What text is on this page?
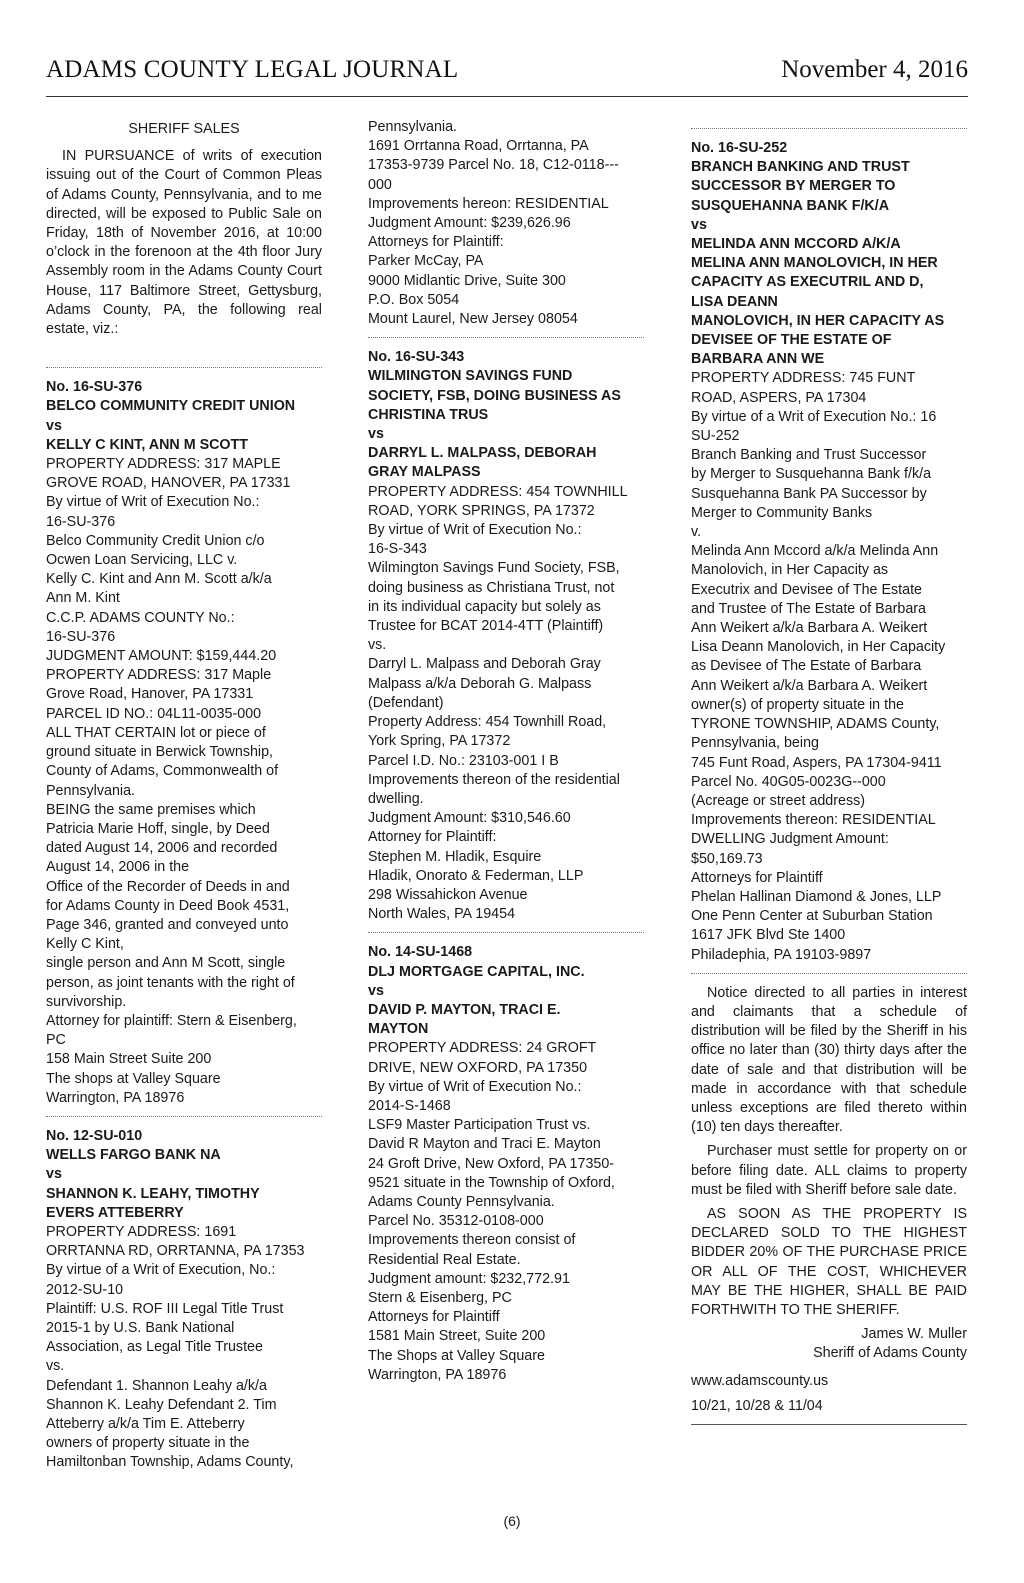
ADAMS COUNTY LEGAL JOURNAL	November 4, 2016
SHERIFF SALES
IN PURSUANCE of writs of execution issuing out of the Court of Common Pleas of Adams County, Pennsylvania, and to me directed, will be exposed to Public Sale on Friday, 18th of November 2016, at 10:00 o’clock in the forenoon at the 4th floor Jury Assembly room in the Adams County Court House, 117 Baltimore Street, Gettysburg, Adams County, PA, the following real estate, viz.:
No. 16-SU-376
BELCO COMMUNITY CREDIT UNION
vs
KELLY C KINT, ANN M SCOTT
PROPERTY ADDRESS: 317 MAPLE
GROVE ROAD, HANOVER, PA 17331
By virtue of Writ of Execution No.:
16-SU-376
Belco Community Credit Union c/o
Ocwen Loan Servicing, LLC v.
Kelly C. Kint and Ann M. Scott a/k/a
Ann M. Kint
C.C.P. ADAMS COUNTY No.:
16-SU-376
JUDGMENT AMOUNT: $159,444.20
PROPERTY ADDRESS: 317 Maple
Grove Road, Hanover, PA 17331
PARCEL ID NO.: 04L11-0035-000
ALL THAT CERTAIN lot or piece of
ground situate in Berwick Township,
County of Adams, Commonwealth of
Pennsylvania.
BEING the same premises which
Patricia Marie Hoff, single, by Deed
dated August 14, 2006 and recorded
August 14, 2006 in the
Office of the Recorder of Deeds in and
for Adams County in Deed Book 4531,
Page 346, granted and conveyed unto
Kelly C Kint,
single person and Ann M Scott, single
person, as joint tenants with the right of
survivorship.
Attorney for plaintiff: Stern & Eisenberg,
PC
158 Main Street Suite 200
The shops at Valley Square
Warrington, PA 18976
No. 12-SU-010
WELLS FARGO BANK NA
vs
SHANNON K. LEAHY, TIMOTHY
EVERS ATTEBERRY
PROPERTY ADDRESS: 1691
ORRTANNA RD, ORRTANNA, PA 17353
By virtue of a Writ of Execution, No.:
2012-SU-10
Plaintiff: U.S. ROF III Legal Title Trust
2015-1 by U.S. Bank National
Association, as Legal Title Trustee
vs.
Defendant 1. Shannon Leahy a/k/a
Shannon K. Leahy Defendant 2. Tim
Atteberry a/k/a Tim E. Atteberry
owners of property situate in the
Hamiltonban Township, Adams County,
Pennsylvania.
1691 Orrtanna Road, Orrtanna, PA
17353-9739 Parcel No. 18, C12-0118---
000
Improvements hereon: RESIDENTIAL
Judgment Amount: $239,626.96
Attorneys for Plaintiff:
Parker McCay, PA
9000 Midlantic Drive, Suite 300
P.O. Box 5054
Mount Laurel, New Jersey 08054
No. 16-SU-343
WILMINGTON SAVINGS FUND
SOCIETY, FSB, DOING BUSINESS AS
CHRISTINA TRUS
vs
DARRYL L. MALPASS, DEBORAH
GRAY MALPASS
PROPERTY ADDRESS: 454 TOWNHILL
ROAD, YORK SPRINGS, PA 17372
By virtue of Writ of Execution No.:
16-S-343
Wilmington Savings Fund Society, FSB,
doing business as Christiana Trust, not
in its individual capacity but solely as
Trustee for BCAT 2014-4TT (Plaintiff)
vs.
Darryl L. Malpass and Deborah Gray
Malpass a/k/a Deborah G. Malpass
(Defendant)
Property Address: 454 Townhill Road,
York Spring, PA 17372
Parcel I.D. No.: 23103-001 I B
Improvements thereon of the residential
dwelling.
Judgment Amount: $310,546.60
Attorney for Plaintiff:
Stephen M. Hladik, Esquire
Hladik, Onorato & Federman, LLP
298 Wissahickon Avenue
North Wales, PA 19454
No. 14-SU-1468
DLJ MORTGAGE CAPITAL, INC.
vs
DAVID P. MAYTON, TRACI E.
MAYTON
PROPERTY ADDRESS: 24 GROFT
DRIVE, NEW OXFORD, PA 17350
By virtue of Writ of Execution No.:
2014-S-1468
LSF9 Master Participation Trust vs.
David R Mayton and Traci E. Mayton
24 Groft Drive, New Oxford, PA 17350-
9521 situate in the Township of Oxford,
Adams County Pennsylvania.
Parcel No. 35312-0108-000
Improvements thereon consist of
Residential Real Estate.
Judgment amount: $232,772.91
Stern & Eisenberg, PC
Attorneys for Plaintiff
1581 Main Street, Suite 200
The Shops at Valley Square
Warrington, PA 18976
No. 16-SU-252
BRANCH BANKING AND TRUST
SUCCESSOR BY MERGER TO
SUSQUEHANNA BANK F/K/A
vs
MELINDA ANN MCCORD A/K/A
MELINA ANN MANOLOVICH, IN HER
CAPACITY AS EXECUTRIL AND D,
LISA DEANN
MANOLOVICH, IN HER CAPACITY AS
DEVISEE OF THE ESTATE OF
BARBARA ANN WE
PROPERTY ADDRESS: 745 FUNT
ROAD, ASPERS, PA 17304
By virtue of a Writ of Execution No.: 16
SU-252
Branch Banking and Trust Successor
by Merger to Susquehanna Bank f/k/a
Susquehanna Bank PA Successor by
Merger to Community Banks
v.
Melinda Ann Mccord a/k/a Melinda Ann
Manolovich, in Her Capacity as
Executrix and Devisee of The Estate
and Trustee of The Estate of Barbara
Ann Weikert a/k/a Barbara A. Weikert
Lisa Deann Manolovich, in Her Capacity
as Devisee of The Estate of Barbara
Ann Weikert a/k/a Barbara A. Weikert
owner(s) of property situate in the
TYRONE TOWNSHIP, ADAMS County,
Pennsylvania, being
745 Funt Road, Aspers, PA 17304-9411
Parcel No. 40G05-0023G--000
(Acreage or street address)
Improvements thereon: RESIDENTIAL
DWELLING Judgment Amount:
$50,169.73
Attorneys for Plaintiff
Phelan Hallinan Diamond & Jones, LLP
One Penn Center at Suburban Station
1617 JFK Blvd Ste 1400
Philadephia, PA 19103-9897
Notice directed to all parties in interest and claimants that a schedule of distribution will be filed by the Sheriff in his office no later than (30) thirty days after the date of sale and that distribution will be made in accordance with that schedule unless exceptions are filed thereto within (10) ten days thereafter.
Purchaser must settle for property on or before filing date. ALL claims to property must be filed with Sheriff before sale date.
AS SOON AS THE PROPERTY IS DECLARED SOLD TO THE HIGHEST BIDDER 20% OF THE PURCHASE PRICE OR ALL OF THE COST, WHICHEVER MAY BE THE HIGHER, SHALL BE PAID FORTHWITH TO THE SHERIFF.
James W. Muller
Sheriff of Adams County
www.adamscounty.us
10/21, 10/28 & 11/04
(6)
